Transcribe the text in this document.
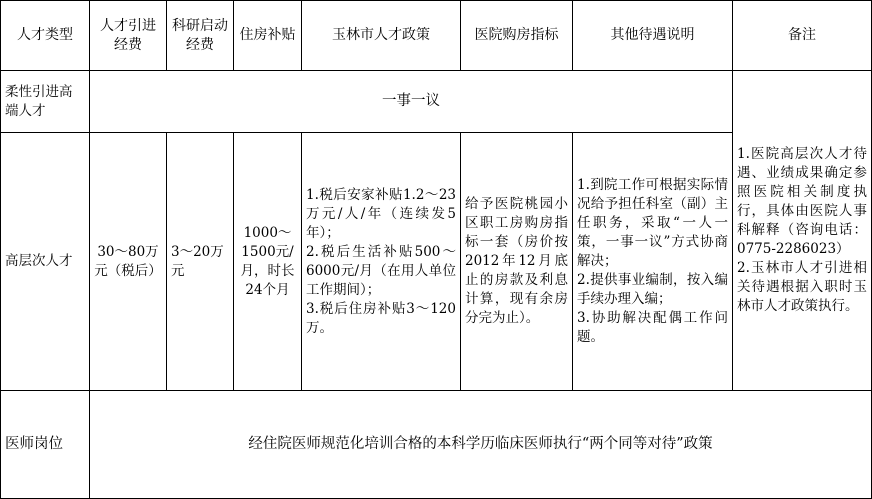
人才类型	人才引进经费	科研启动经费	住房补贴	玉林市人才政策	医院购房指标	其他待遇说明	备注
柔性引进高端人才	一事一议						1.医院高层次人才待遇、业绩成果确定参照医院相关制度执行，具体由医院人事科解释（咨询电话：0775-2286023）
2.玉林市人才引进相关待遇根据入职时玉林市人才政策执行。
高层次人才	30～80万元（税后）	3～20万元	1000～1500元/月，时长24个月	1.税后安家补贴1.2～23万元/人/年（连续发5年）；
2.税后生活补贴500～6000元/月（在用人单位工作期间）；
3.税后住房补贴3～120万。	给予医院桃园小区职工房购房指标一套（房价按2012年12月底止的房款及利息计算，现有余房分完为止）。	1.到院工作可根据实际情况给予担任科室（副）主任职务，采取“一人一策，一事一议”方式协商解决；
2.提供事业编制，按入编手续办理入编；
3.协助解决配偶工作问题。	
医师岗位	经住院医师规范化培训合格的本科学历临床医师执行“两个同等对待”政策						
